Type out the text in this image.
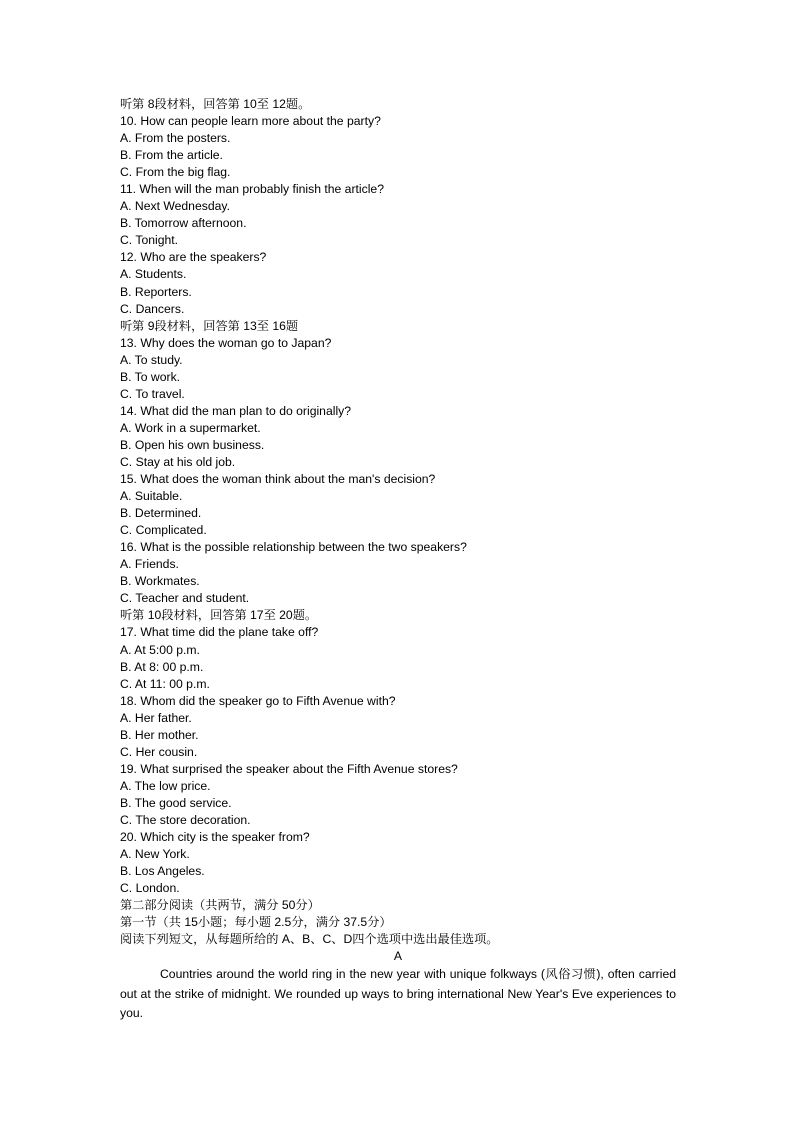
听第 8段材料，回答第 10至 12题。
10. How can people learn more about the party?
A. From the posters.
B. From the article.
C. From the big flag.
11. When will the man probably finish the article?
A. Next Wednesday.
B. Tomorrow afternoon.
C. Tonight.
12. Who are the speakers?
A. Students.
B. Reporters.
C. Dancers.
听第 9段材料，回答第 13至 16题
13. Why does the woman go to Japan?
A. To study.
B. To work.
C. To travel.
14. What did the man plan to do originally?
A. Work in a supermarket.
B. Open his own business.
C. Stay at his old job.
15. What does the woman think about the man's decision?
A. Suitable.
B. Determined.
C. Complicated.
16. What is the possible relationship between the two speakers?
A. Friends.
B. Workmates.
C. Teacher and student.
听第 10段材料，回答第 17至 20题。
17. What time did the plane take off?
A. At 5:00 p.m.
B. At 8: 00 p.m.
C. At 11: 00 p.m.
18. Whom did the speaker go to Fifth Avenue with?
A. Her father.
B. Her mother.
C. Her cousin.
19. What surprised the speaker about the Fifth Avenue stores?
A. The low price.
B. The good service.
C. The store decoration.
20. Which city is the speaker from?
A. New York.
B. Los Angeles.
C. London.
第二部分阅读（共两节，满分 50分）
第一节（共 15小题；每小题 2.5分，满分 37.5分）
阅读下列短文，从每题所给的 A、B、C、D四个选项中选出最佳选项。
A
Countries around the world ring in the new year with unique folkways (风俗习惯), often carried out at the strike of midnight. We rounded up ways to bring international New Year's Eve experiences to you.
